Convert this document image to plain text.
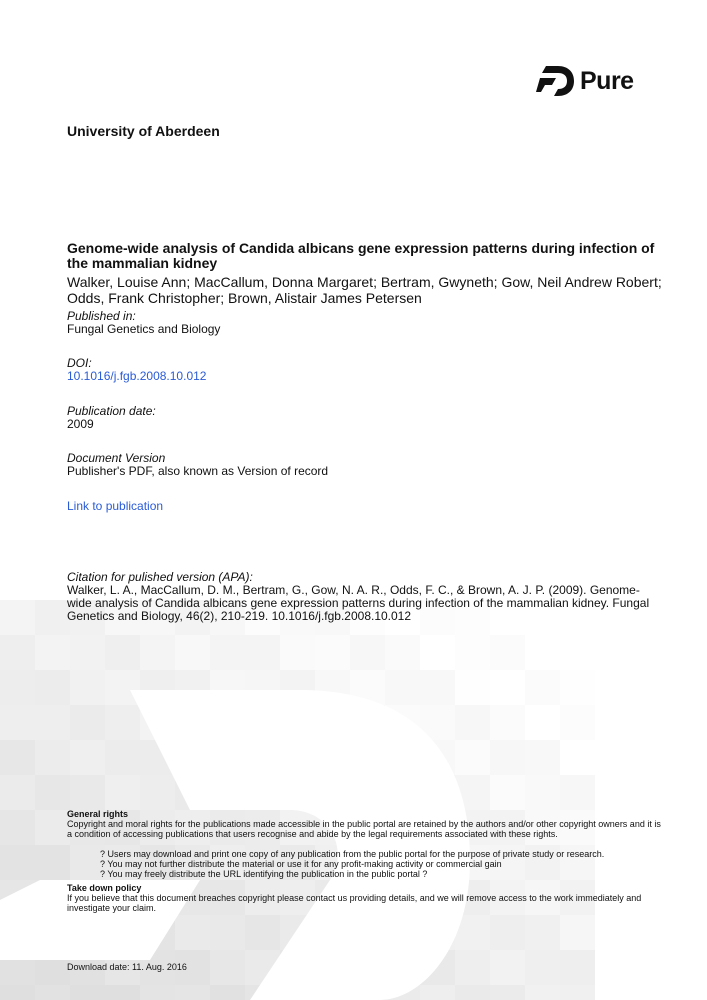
Pure
University of Aberdeen
Genome-wide analysis of Candida albicans gene expression patterns during infection of the mammalian kidney
Walker, Louise Ann; MacCallum, Donna Margaret; Bertram, Gwyneth; Gow, Neil Andrew Robert; Odds, Frank Christopher; Brown, Alistair James Petersen
Published in:
Fungal Genetics and Biology
DOI:
10.1016/j.fgb.2008.10.012
Publication date:
2009
Document Version
Publisher's PDF, also known as Version of record
Link to publication
Citation for pulished version (APA):
Walker, L. A., MacCallum, D. M., Bertram, G., Gow, N. A. R., Odds, F. C., & Brown, A. J. P. (2009). Genome-wide analysis of Candida albicans gene expression patterns during infection of the mammalian kidney. Fungal Genetics and Biology, 46(2), 210-219. 10.1016/j.fgb.2008.10.012
General rights
Copyright and moral rights for the publications made accessible in the public portal are retained by the authors and/or other copyright owners and it is a condition of accessing publications that users recognise and abide by the legal requirements associated with these rights.
? Users may download and print one copy of any publication from the public portal for the purpose of private study or research.
? You may not further distribute the material or use it for any profit-making activity or commercial gain
? You may freely distribute the URL identifying the publication in the public portal ?
Take down policy
If you believe that this document breaches copyright please contact us providing details, and we will remove access to the work immediately and investigate your claim.
Download date: 11. Aug. 2016
